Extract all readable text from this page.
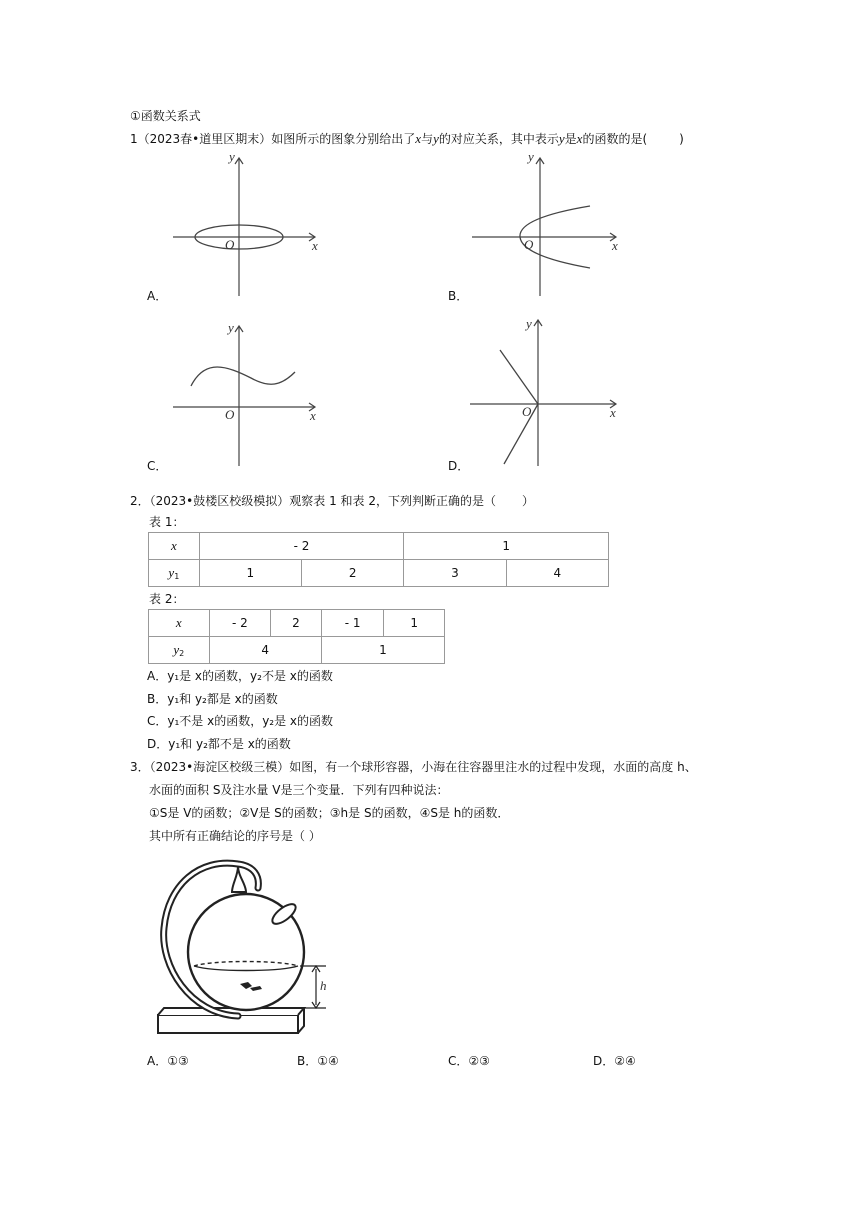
①函数关系式
1（2023春•道里区期末）如图所示的图象分别给出了x与y的对应关系，其中表示y是x的函数的是(	)
y
x
O
A．
y
x
O
B．
y
x
O
C．
y
x
O
D．
2．（2023•鼓楼区校级模拟）观察表 1 和表 2，下列判断正确的是（ ）
表 1：
x	- 2		1	
$y_1$	1	2	3	4
表 2：
x	- 2	2	- 1	1
$y_2$	4		1	
A．y₁是 x的函数，y₂不是 x的函数
B．y₁和 y₂都是 x的函数
C．y₁不是 x的函数，y₂是 x的函数
D．y₁和 y₂都不是 x的函数
3．（2023•海淀区校级三模）如图，有一个球形容器，小海在往容器里注水的过程中发现，水面的高度 h、
水面的面积 S及注水量 V是三个变量．下列有四种说法：
①S是 V的函数；②V是 S的函数；③h是 S的函数，④S是 h的函数．
其中所有正确结论的序号是（ ）
h
A．①③	B．①④	C．②③	D．②④
